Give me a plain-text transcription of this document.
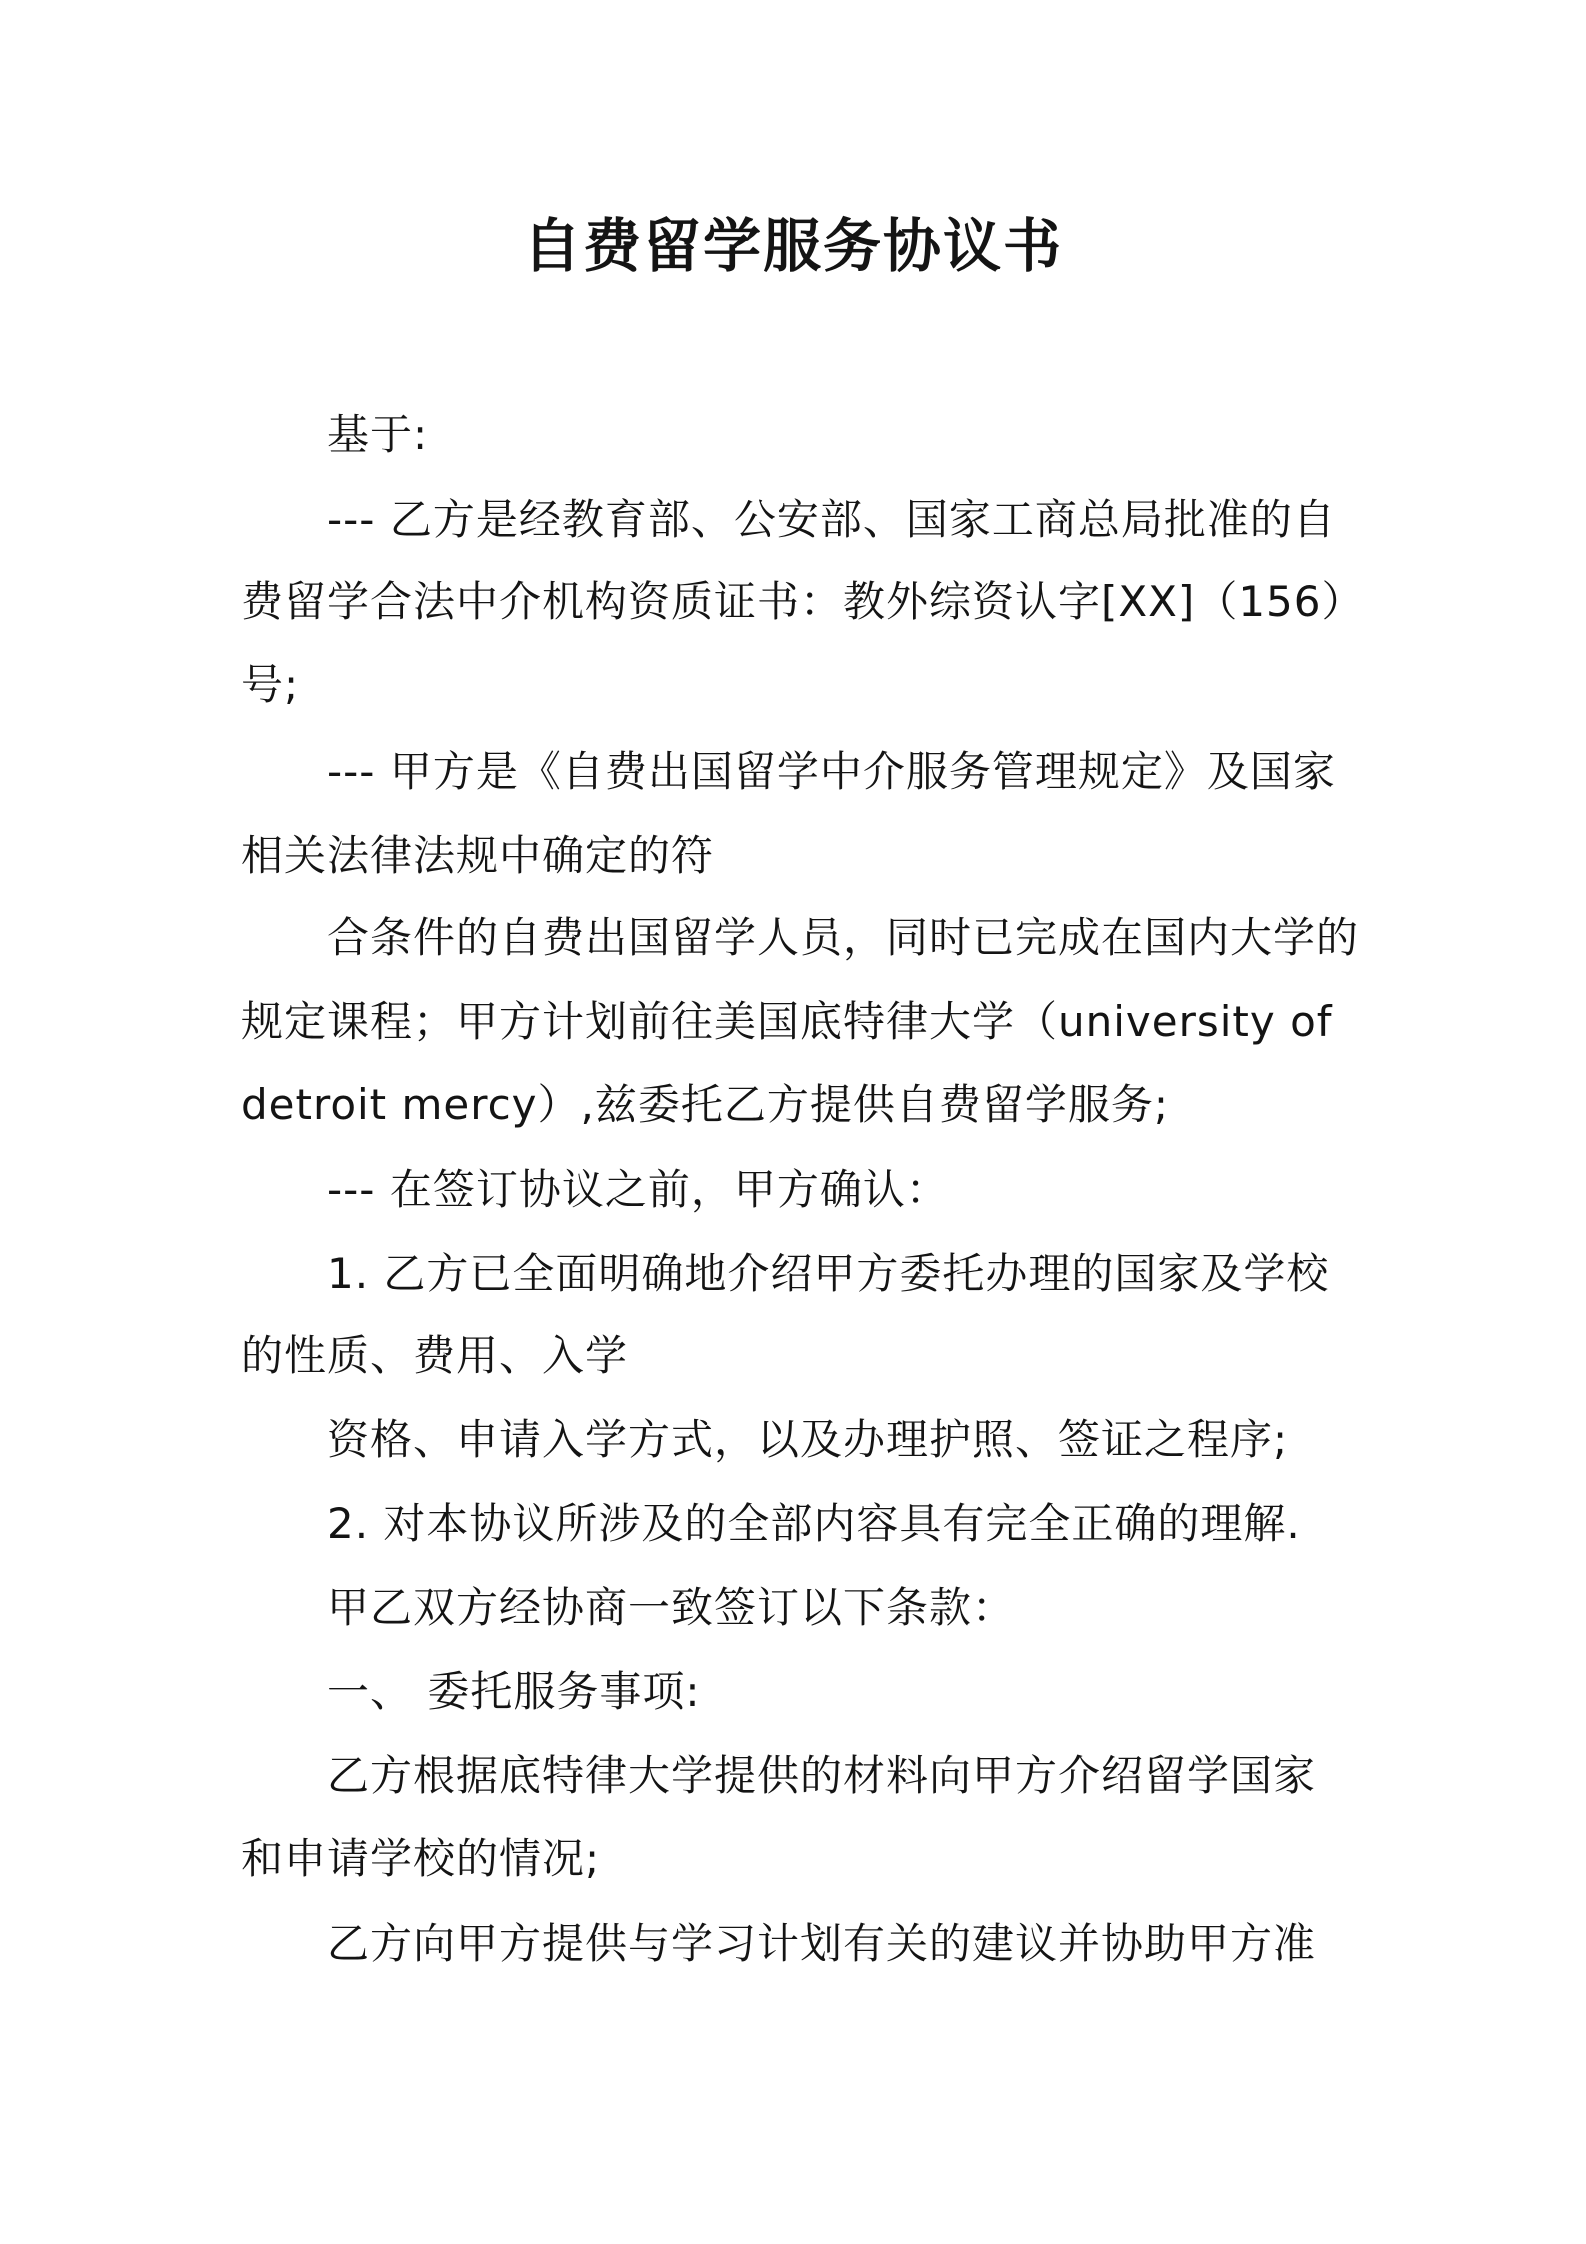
自费留学服务协议书
基于:
--- 乙方是经教育部、公安部、国家工商总局批准的自
费留学合法中介机构资质证书：教外综资认字[XX]（156）
号;
--- 甲方是《自费出国留学中介服务管理规定》及国家
相关法律法规中确定的符
合条件的自费出国留学人员，同时已完成在国内大学的
规定课程；甲方计划前往美国底特律大学（university of
detroit mercy）,兹委托乙方提供自费留学服务;
--- 在签订协议之前，甲方确认：
1. 乙方已全面明确地介绍甲方委托办理的国家及学校
的性质、费用、入学
资格、申请入学方式，以及办理护照、签证之程序;
2. 对本协议所涉及的全部内容具有完全正确的理解.
甲乙双方经协商一致签订以下条款：
一、 委托服务事项:
乙方根据底特律大学提供的材料向甲方介绍留学国家
和申请学校的情况;
乙方向甲方提供与学习计划有关的建议并协助甲方准
